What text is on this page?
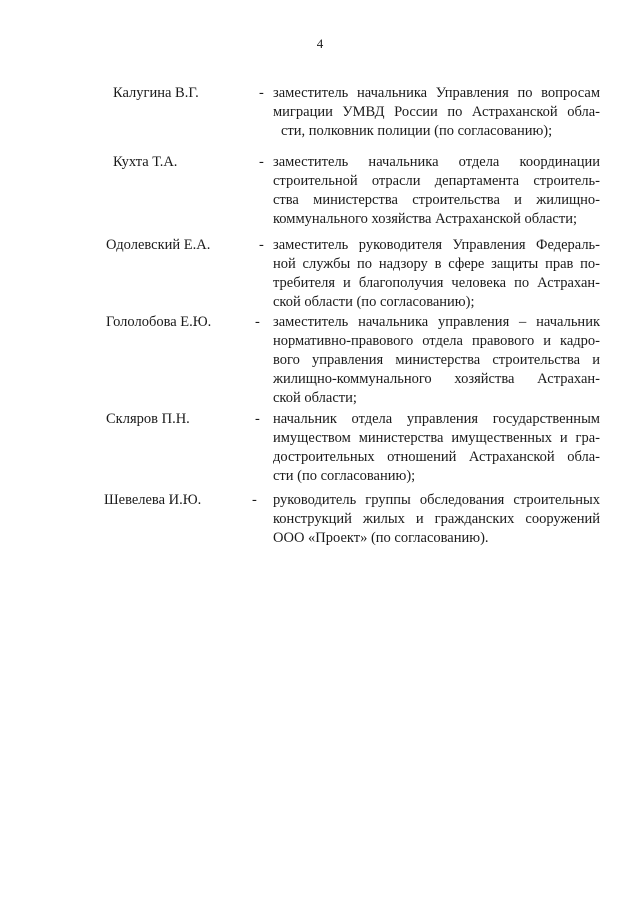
4
Калугина В.Г.	- заместитель начальника Управления по вопросам
миграции УМВД России по Астраханской обла-
сти, полковник полиции (по согласованию);
Кухта Т.А.	- заместитель начальника отдела координации
строительной отрасли департамента строитель-
ства министерства строительства и жилищно-
коммунального хозяйства Астраханской области;
Одолевский Е.А.	- заместитель руководителя Управления Федераль-
ной службы по надзору в сфере защиты прав по-
требителя и благополучия человека по Астрахан-
ской области (по согласованию);
Гололобова Е.Ю.	- заместитель начальника управления – начальник
нормативно-правового отдела правового и кадро-
вого управления министерства строительства и
жилищно-коммунального хозяйства Астрахан-
ской области;
Скляров П.Н.	- начальник отдела управления государственным
имуществом министерства имущественных и гра-
достроительных отношений Астраханской обла-
сти (по согласованию);
Шевелева И.Ю.	- руководитель группы обследования строительных
конструкций жилых и гражданских сооружений
ООО «Проект» (по согласованию).
